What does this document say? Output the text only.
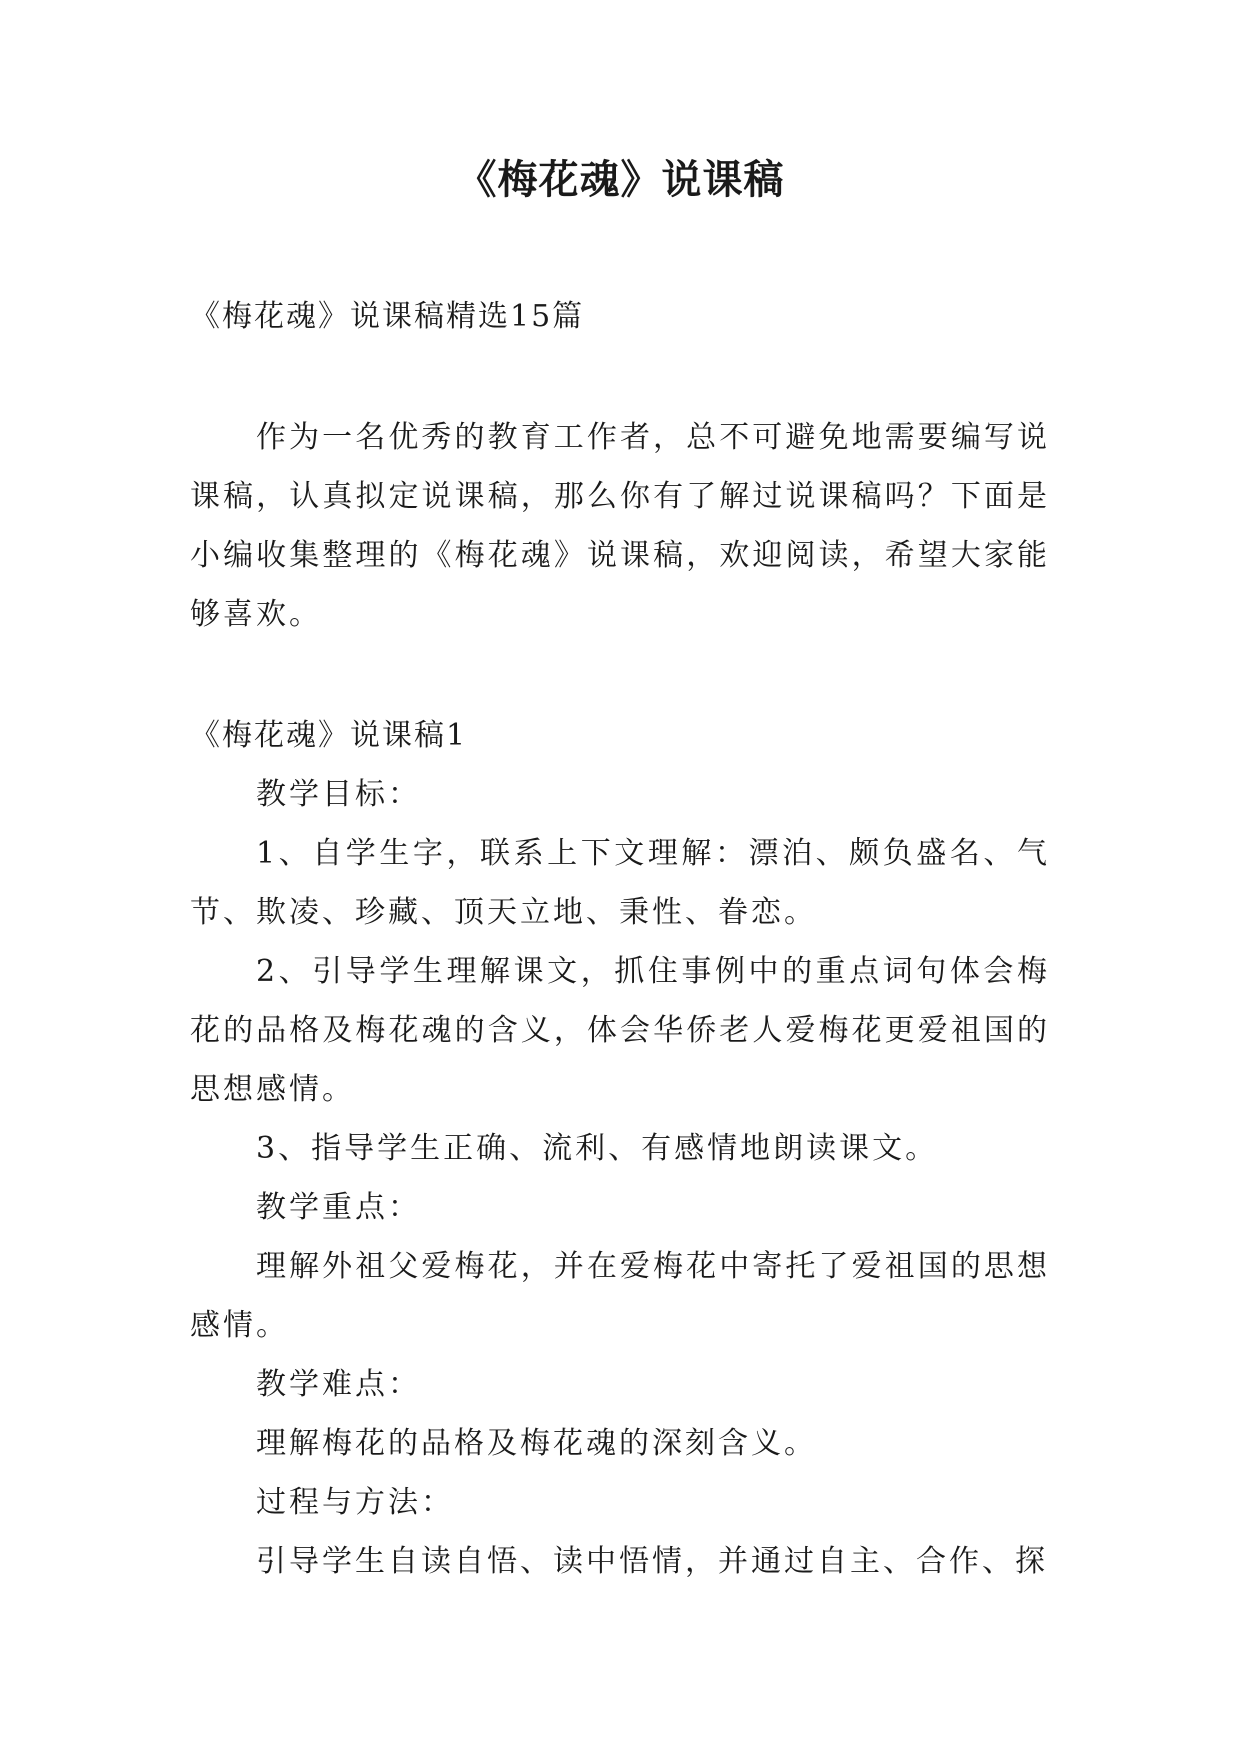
《梅花魂》说课稿

《梅花魂》说课稿精选15篇

作为一名优秀的教育工作者，总不可避免地需要编写说课稿，认真拟定说课稿，那么你有了解过说课稿吗？下面是小编收集整理的《梅花魂》说课稿，欢迎阅读，希望大家能够喜欢。

《梅花魂》说课稿1

教学目标：

1、自学生字，联系上下文理解：漂泊、颇负盛名、气节、欺凌、珍藏、顶天立地、秉性、眷恋。

2、引导学生理解课文，抓住事例中的重点词句体会梅花的品格及梅花魂的含义，体会华侨老人爱梅花更爱祖国的思想感情。

3、指导学生正确、流利、有感情地朗读课文。

教学重点：

理解外祖父爱梅花，并在爱梅花中寄托了爱祖国的思想感情。

教学难点：

理解梅花的品格及梅花魂的深刻含义。

过程与方法：

引导学生自读自悟、读中悟情，并通过自主、合作、探
